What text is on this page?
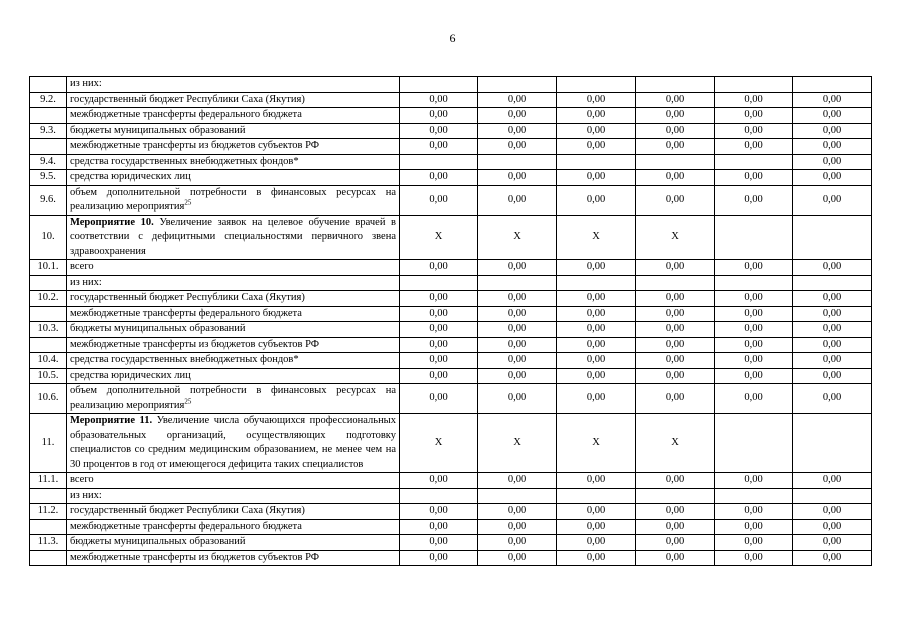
6
	из них:						
9.2.	государственный бюджет Республики Саха (Якутия)	0,00	0,00	0,00	0,00	0,00	0,00
	межбюджетные трансферты федерального бюджета	0,00	0,00	0,00	0,00	0,00	0,00
9.3.	бюджеты муниципальных образований	0,00	0,00	0,00	0,00	0,00	0,00
	межбюджетные трансферты из бюджетов субъектов РФ	0,00	0,00	0,00	0,00	0,00	0,00
9.4.	средства государственных внебюджетных фондов*						0,00
9.5.	средства юридических лиц	0,00	0,00	0,00	0,00	0,00	0,00
9.6.	объем дополнительной потребности в финансовых ресурсах на реализацию мероприятия$^{25}$	0,00	0,00	0,00	0,00	0,00	0,00
10.	Мероприятие 10. Увеличение заявок на целевое обучение врачей в соответствии с дефицитными специальностями первичного звена здравоохранения	Х	Х	Х	Х		
10.1.	всего	0,00	0,00	0,00	0,00	0,00	0,00
	из них:						
10.2.	государственный бюджет Республики Саха (Якутия)	0,00	0,00	0,00	0,00	0,00	0,00
	межбюджетные трансферты федерального бюджета	0,00	0,00	0,00	0,00	0,00	0,00
10.3.	бюджеты муниципальных образований	0,00	0,00	0,00	0,00	0,00	0,00
	межбюджетные трансферты из бюджетов субъектов РФ	0,00	0,00	0,00	0,00	0,00	0,00
10.4.	средства государственных внебюджетных фондов*	0,00	0,00	0,00	0,00	0,00	0,00
10.5.	средства юридических лиц	0,00	0,00	0,00	0,00	0,00	0,00
10.6.	объем дополнительной потребности в финансовых ресурсах на реализацию мероприятия$^{25}$	0,00	0,00	0,00	0,00	0,00	0,00
11.	Мероприятие 11. Увеличение числа обучающихся профессиональных образовательных организаций, осуществляющих подготовку специалистов со средним медицинским образованием, не менее чем на 30 процентов в год от имеющегося дефицита таких специалистов	Х	Х	Х	Х		
11.1.	всего	0,00	0,00	0,00	0,00	0,00	0,00
	из них:						
11.2.	государственный бюджет Республики Саха (Якутия)	0,00	0,00	0,00	0,00	0,00	0,00
	межбюджетные трансферты федерального бюджета	0,00	0,00	0,00	0,00	0,00	0,00
11.3.	бюджеты муниципальных образований	0,00	0,00	0,00	0,00	0,00	0,00
	межбюджетные трансферты из бюджетов субъектов РФ	0,00	0,00	0,00	0,00	0,00	0,00
